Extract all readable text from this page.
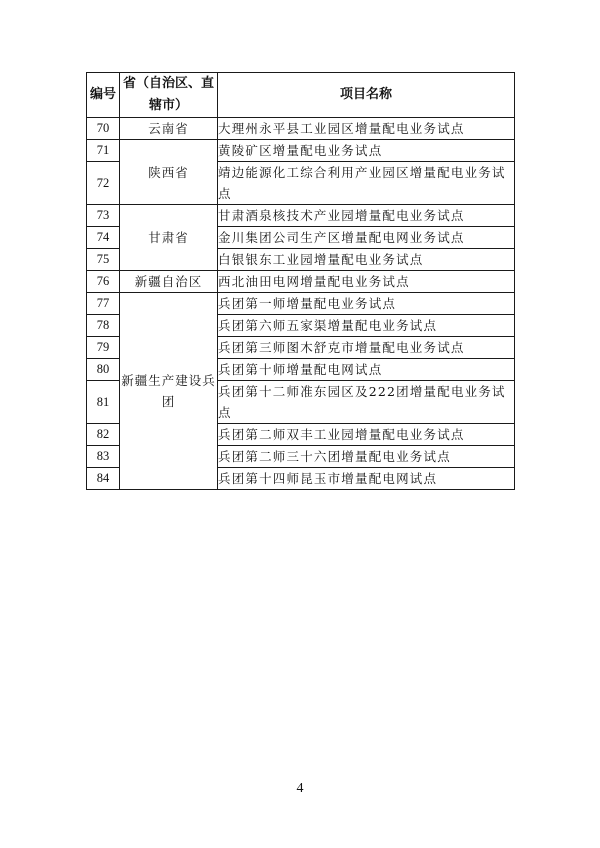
编号	省（自治区、直辖市）	项目名称
70	云南省	大理州永平县工业园区增量配电业务试点
71	陕西省	黄陵矿区增量配电业务试点
72		靖边能源化工综合利用产业园区增量配电业务试点
73	甘肃省	甘肃酒泉核技术产业园增量配电业务试点
74		金川集团公司生产区增量配电网业务试点
75		白银银东工业园增量配电业务试点
76	新疆自治区	西北油田电网增量配电业务试点
77	新疆生产建设兵团	兵团第一师增量配电业务试点
78		兵团第六师五家渠增量配电业务试点
79		兵团第三师图木舒克市增量配电业务试点
80		兵团第十师增量配电网试点
81		兵团第十二师准东园区及222团增量配电业务试点
82		兵团第二师双丰工业园增量配电业务试点
83		兵团第二师三十六团增量配电业务试点
84		兵团第十四师昆玉市增量配电网试点
4
